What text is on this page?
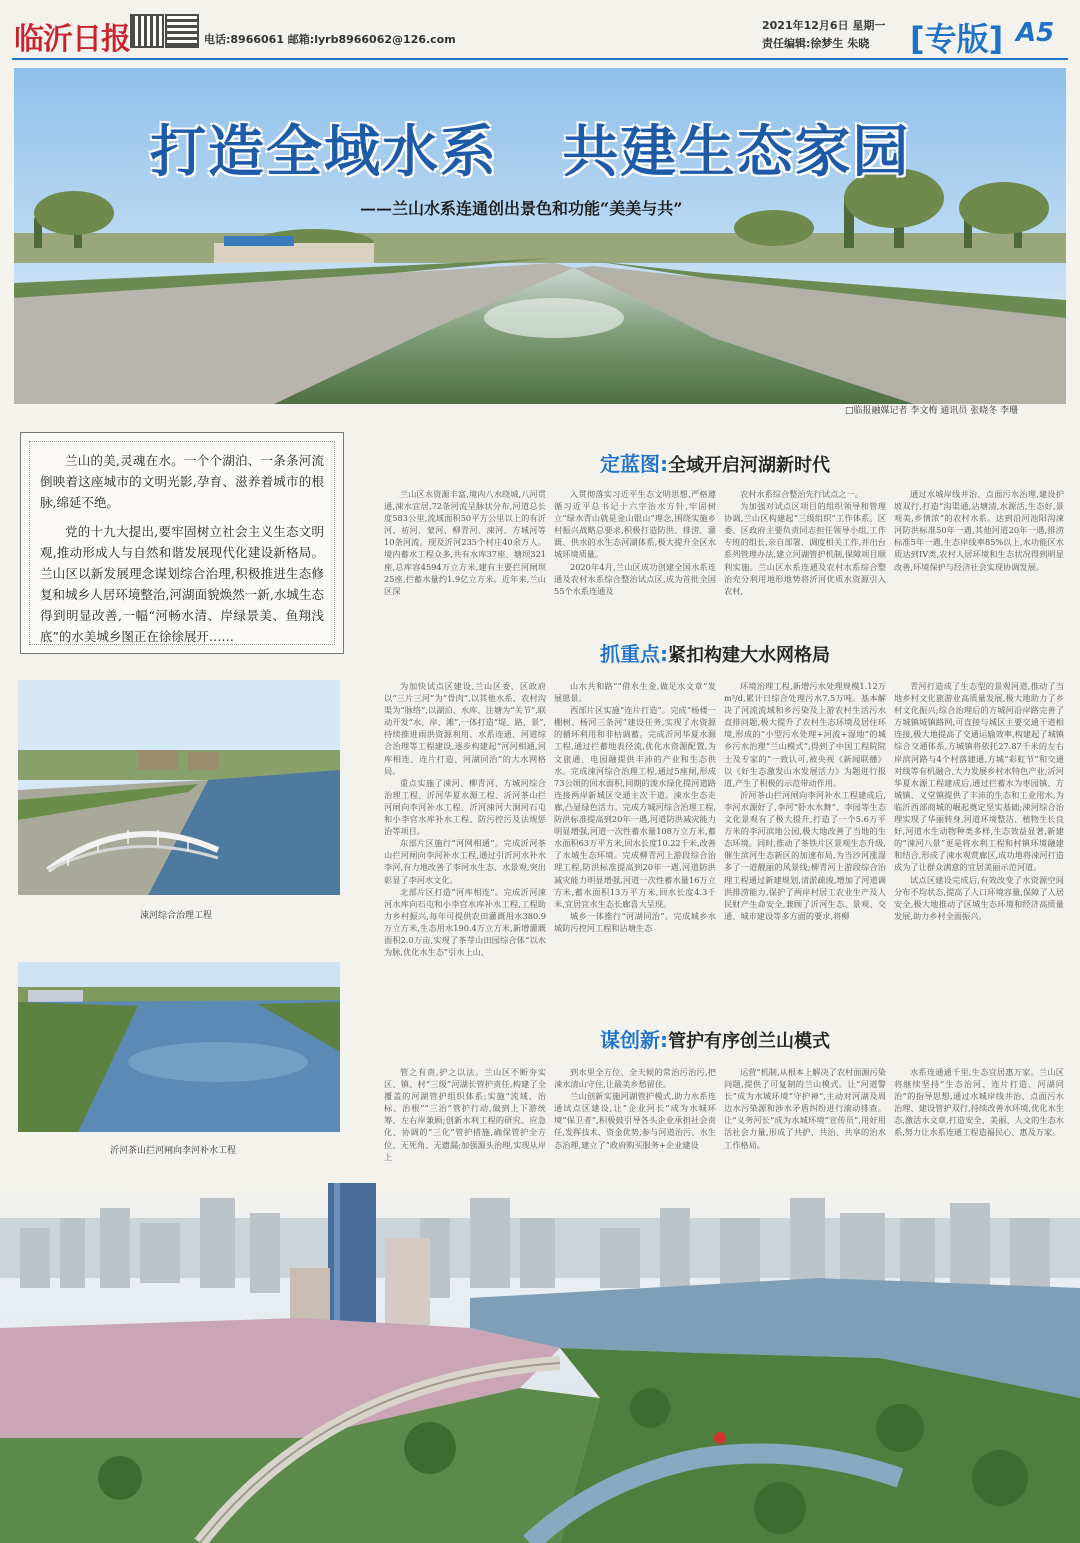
临沂日报	电话:8966061 邮箱:lyrb8966062@126.com
2021年12月6日 星期一
责任编辑:徐梦生 朱晓 [专版] A5
打造全域水系   共建生态家园
——兰山水系连通创出景色和功能“美美与共”
□临报融媒记者 李文梅 通讯员 张晓冬 李珊

兰山的美,灵魂在水。一个个湖泊、一条条河流倒映着这座城市的文明光影,孕育、滋养着城市的根脉,绵延不绝。

党的十九大提出,要牢固树立社会主义生态文明观,推动形成人与自然和谐发展现代化建设新格局。兰山区以新发展理念谋划综合治理,积极推进生态修复和城乡人居环境整治,河湖面貌焕然一新,水城生态得到明显改善,一幅“河畅水清、岸绿景美、鱼翔浅底”的水美城乡图正在徐徐展开……

涑河综合治理工程
沂河茶山拦河闸向李河补水工程
定蓝图:全域开启河湖新时代

兰山区水资源丰富,境内八水绕城,八河贯通,涑水宜居,72条河流呈脉状分布,河道总长度583公里,流域面积50平方公里以上的有沂河、祊河、蒙河、柳青河、涑河、方城河等10条河流。现及沂河235个村庄40余万人。境内蓄水工程众多,共有水库37座、塘坝321座,总库容4594万立方米,建有主要拦河闸坝25座,拦蓄水量约1.9亿立方米。近年来,兰山区深

入贯彻落实习近平生态文明思想,严格遵循习近平总书记十六字治水方针,牢固树立“绿水青山就是金山银山”理念,围绕实施乡村振兴战略总要求,积极打造防洪、排涝、灌溉、供水的水生态河湖体系,极大提升全区水城环境质量。

2020年4月,兰山区成功创建全国水系连通及农村水系综合整治试点区,成为首批全国55个水系连通及

农村水系综合整治先行试点之一。

为加强对试点区项目的组织领导和管理协调,兰山区构建起“三级组织”工作体系。区委、区政府主要负责同志担任领导小组,工作专班的组长,亲自部署、调度相关工作,并出台系列管理办法,建立河湖管护机制,保障项目顺利实施。兰山区水系连通及农村水系综合整治充分利用地形地势将沂河优质水资源引入农村,

通过水城岸线井治、点面污水治理,建设护坡双行,打造“沟渠通,沾塘清,水源活,生态好,景观美,乡情浓”的农村水系。达到沿河池阳沟涑河防洪标准50年一遇,其他河道20年一遇,排涝标准5年一遇,生态岸线率85%以上,水功能区水质达到IV类,农村人居环境和生态状况得到明显改善,环境保护与经济社会实现协调发展。

抓重点:紧扣构建大水网格局

为加快试点区建设,兰山区委、区政府以“三片三河”为“骨肉”,以其他水系、农村沟渠为“脉络”,以湖泊、水库、注塘为“关节”,联动开发“水、岸、滩”,一体打造“堤、路、景”,持续推进雨洪资源利用、水系连通、河道综合治理等工程建设,逐步构建起“河河相通,河库相连、连片打造、河湖同治”的大水网格局。

重点实施了涑河、柳青河、方城河综合治理工程、沂河华夏水源工程、沂河茶山拦河闸向李河补水工程、沂河涑河大涧河石屯和小李官水库补水工程、防污控污及法规惩治等项目。

东部片区施行“河网相通”。完成沂河茶山拦河闸向李河补水工程,通过引沂河水补水李河,有力地改善了李河水生态、水景观,突出彰显了李河水文化。

北部片区打造“河库相连”。完成沂河涑河水库向石屯和小李官水库补水工程,工程助力乡村振兴,每年可提供农田灌溉用水380.9万立方米,生态用水190.4万立方米,新增灌溉面积2.0万亩,实现了茶芽山田园综合体“以水为脉,优化水生态”引水上山、

山水共和路”“借水生金,做足水文章”发展愿景。

西部片区实施“连片打造”。完成“杨楼一棚树、杨河三条河”建设任务,实现了水资源的循环利用和非枯调蓄。完成沂河华夏水源工程,通过拦蓄地表径流,优化水资源配置,为文旅通、电园融提供丰沛的产业和生态供水。完成涑河综合治理工程,通过5座闸,形成73公顷的回水面积,同期的浚水绿化提河道路连接两岸新城区交通主次干道。涑水生态走廊,凸显绿色活力。完成方城河综合治理工程,防洪标准提高到20年一遇,河道防洪减灾能力明显增强,河道一次性蓄水量108万立方米,蓄水面积63万平方米,回水长度10.22千米,改善了水城生态环境。完成柳青河上游段综合治理工程,防洪标准提高到20年一遇,河道防洪减灾能力明显增强,河道一次性蓄水量16万立方米,蓄水面积13万平方米,回水长度4.3千米,宜居宜水生态长廊喜大呈现。

城乡一体推行“河湖同治”。完成城乡水城防污控河工程和沾塘生态

环境治理工程,新增污水处理规模1.12万m³/d,累计日综合处理污水7.5万吨。基本解决了河流流域和乡污染及上游农村生活污水直排问题,极大提升了农村生态环境及居住环境,形成的“小型污水处理+河流+湿地”的城乡污水治理“兰山模式”,得到了中国工程院院士及专家的“一致认可,被央视《新闻联播》以《好生态激发山水发展活力》为题进行报道,产生了积极的示范带动作用。

沂河茶山拦河闸向李河补水工程建成后,李河水源好了,李河“卧水水舞”、李园等生态文化景观有了极大提升,打造了一个5.6万平方米的李河滨地公园,极大地改善了当地的生态环境。同时,推动了茶铁片区景观生态升级,催生滨河生态新区的加速布局,为当沙河涨湿多了一道靓丽的风景线;柳青河上游段综合治理工程通过新建规划,清淤疏浚,增加了河道调洪排涝能力,保护了两岸村居工农业生产及人民财产生命安全,兼顾了沂河生态、景观、交通、城市建设等多方面的要求,将柳

青河打造成了生态型的景观河道,推动了当地乡村文化旅游业高质量发展,极大地助力了乡村文化振兴;综合治理后的方城河沿岸路完善了方城镇城镇路网,可直接与城区主要交通干道相连接,极大地提高了交通运输效率,构建起了城镇综合交通体系,方城镇将依托27.87千米的左右岸滨河路与4个村落建通,方城“彩虹节”和交通对线等有机融合,大力发展乡村水特色产业;沂河华夏水源工程建成后,通过拦蓄水为枣园镇、方城镇、义堂镇提供了丰沛的生态和工业用水,为临沂西部商城的崛起奠定坚实基础;涑河综合治理实现了华丽转身,河道环境整洁、植物生长良好,河道水生动物种类多样,生态效益显著,新建的“涑河八景”更是将水利工程和村镇环境融建和结合,形成了涑水观赏廊区,成功地将涑河打造成为了让群众满意的宜居美丽示范河道。

试点区建设完成后,有效改变了水资源空间分布不均状态,提高了人口环境容量,保障了人居安全,极大地推动了区城生态环境和经济高质量发展,助力乡村全面振兴。

谋创新:管护有序创兰山模式

管之有责,护之以法。兰山区不断夯实区、镇、村“三级”河湖长管护责任,构建了全覆盖的河湖管护组织体系;实施“流域、治标、治根”“三治”管护行动,做到上下游统筹、左右岸兼顾;创新水利工程的研究、应急化、协调的“三化”管护措施,确保管护全方位、无死角、无遗漏;加强源头治理,实现从岸上

到水里全方位、全天候的常治污治污,把涑水清山守住,让最美乡愁留住。

兰山创新实施河湖管护模式,助力水系连通试点区建设,让“企业河长”成为水城环境“保卫者”,积极鼓引导各头企业承担社会责任,发挥技术、资金优势,参与河道治污、水生态治理,建立了“政府购买服务+企业建设

运营”机制,从根本上解决了农村面源污染问题,提供了可复制的兰山模式。让“河道警长”成为水城环境“守护神”,主动对河湖及周边水污染源和涉水矛盾纠纷进行滚动排查。让“义务河长”成为水城环境“宣传员”,用好用活社会力量,形成了共护、共治、共享的治水工作格局。

水系连通通千里,生态宜居惠万家。兰山区将继续坚持“生态治河、连片打造、河湖同治”的指导思想,通过水城岸线井治、点面污水治理、建设管护双行,持续改善水环境,优化水生态,激活水文章,打造安全、美丽、人文的生态水系,努力让水系连通工程造福民心、惠及万家。
